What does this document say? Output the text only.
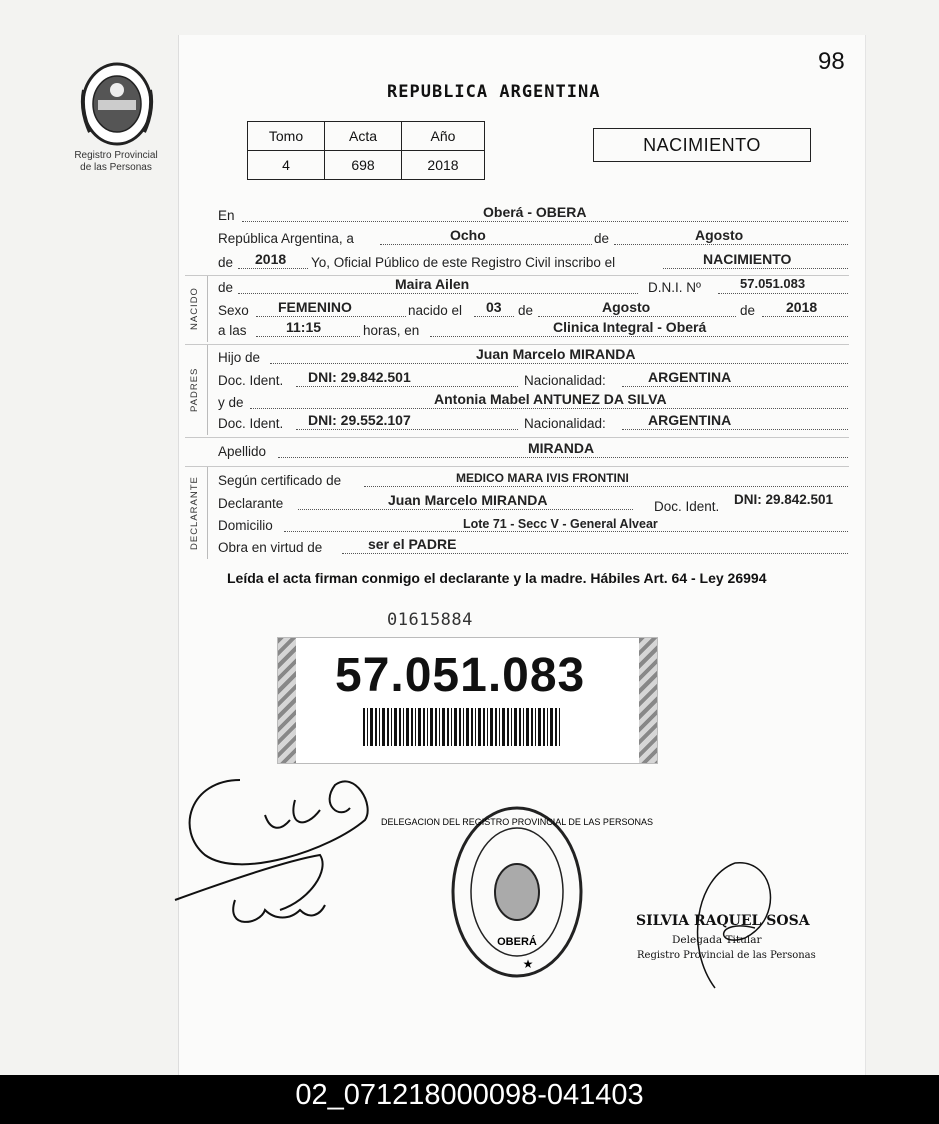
Registro Provincial
de las Personas
98
REPUBLICA ARGENTINA
Tomo	Acta	Año
4	698	2018
NACIMIENTO
En	Oberá - OBERA
República Argentina, a	Ocho	de	Agosto
de 2018 Yo, Oficial Público de este Registro Civil inscribo el	NACIMIENTO
NACIDO
de	Maira Ailen	D.N.I. Nº	57.051.083
Sexo FEMENINO	nacido el 03 de	Agosto	de 2018
a las	11:15	horas, en	Clinica Integral - Oberá
PADRES
Hijo de	Juan Marcelo MIRANDA
Doc. Ident. DNI: 29.842.501	Nacionalidad:	ARGENTINA
y de	Antonia Mabel ANTUNEZ DA SILVA
Doc. Ident. DNI: 29.552.107	Nacionalidad:	ARGENTINA
Apellido	MIRANDA
DECLARANTE	Según certificado de	MEDICO MARA IVIS FRONTINI
Declarante	Juan Marcelo MIRANDA	Doc. Ident. DNI: 29.842.501
Domicilio	Lote 71 - Secc V - General Alvear
Obra en virtud de	ser el PADRE
Leída el acta firman conmigo el declarante y la madre. Hábiles Art. 64 - Ley 26994
01615884
57.051.083
DELEGACION DEL REGISTRO PROVINCIAL DE LAS PERSONAS
OBERÁ
★
SILVIA RAQUEL SOSA
Delegada Titular
Registro Provincial de las Personas
02_071218000098-041403
